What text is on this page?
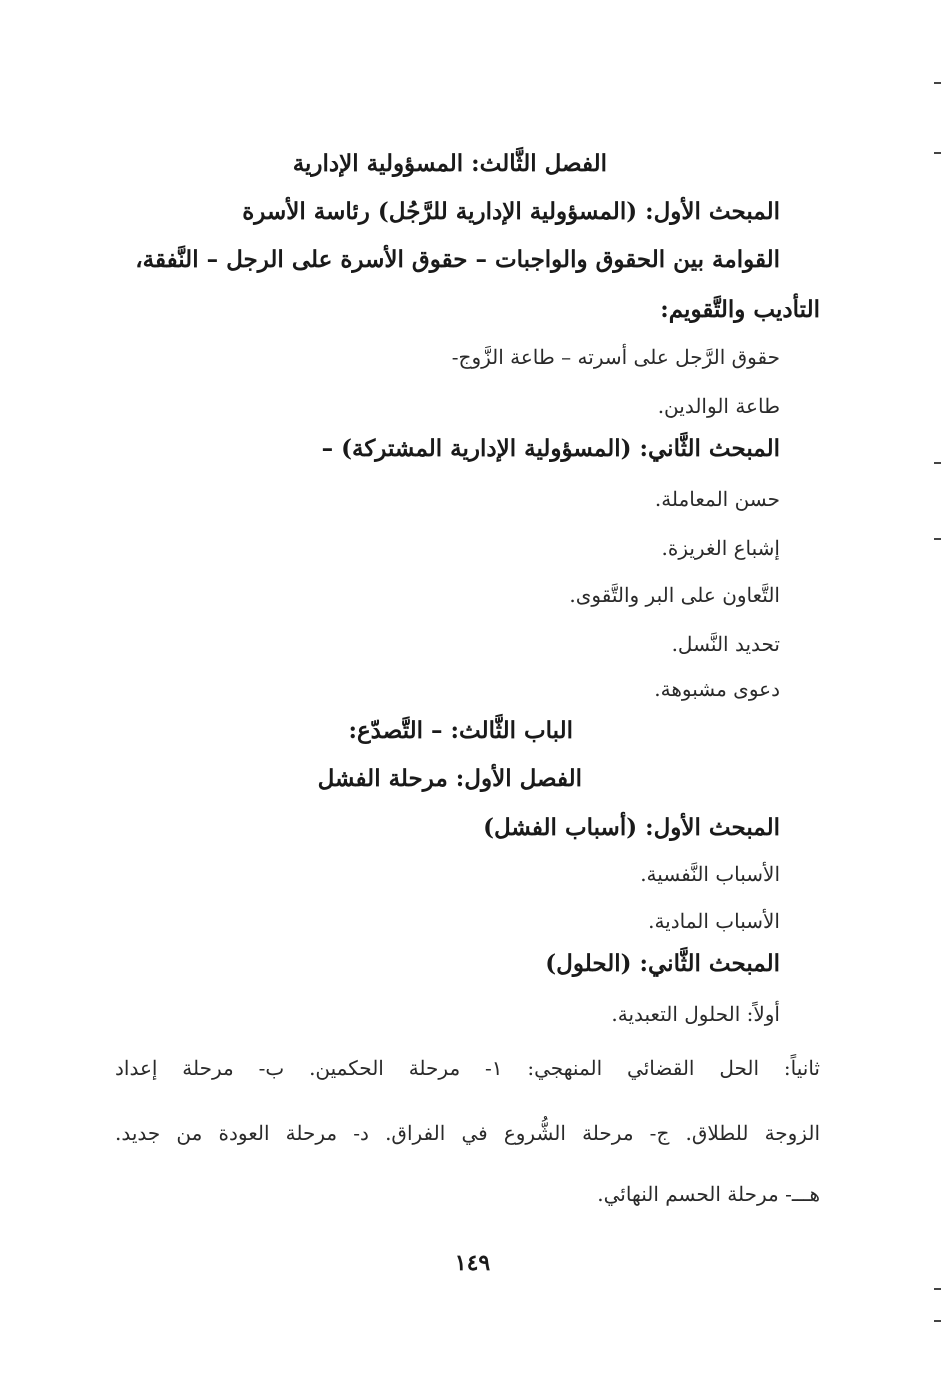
الفصل الثَّالث: المسؤولية الإدارية
المبحث الأول: (المسؤولية الإدارية للرَّجُل) رئاسة الأسرة
القوامة بين الحقوق والواجبات – حقوق الأسرة على الرجل – النَّفقة،
التأديب والتَّقويم:
حقوق الرَّجل على أسرته – طاعة الزَّوج-
طاعة الوالدين.
المبحث الثَّاني: (المسؤولية الإدارية المشتركة) –
حسن المعاملة.
إشباع الغريزة.
التَّعاون على البر والتَّقوى.
تحديد النَّسل.
دعوى مشبوهة.
الباب الثَّالث: – التَّصدّع:
الفصل الأول: مرحلة الفشل
المبحث الأول: (أسباب الفشل)
الأسباب النَّفسية.
الأسباب المادية.
المبحث الثَّاني: (الحلول)
أولاً: الحلول التعبدية.
ثانياً: الحل القضائي المنهجي: ١- مرحلة الحكمين. ب- مرحلة إعداد
الزوجة للطلاق. ج- مرحلة الشُّروع في الفراق. د- مرحلة العودة من جديد.
هـــ- مرحلة الحسم النهائي.
١٤٩
